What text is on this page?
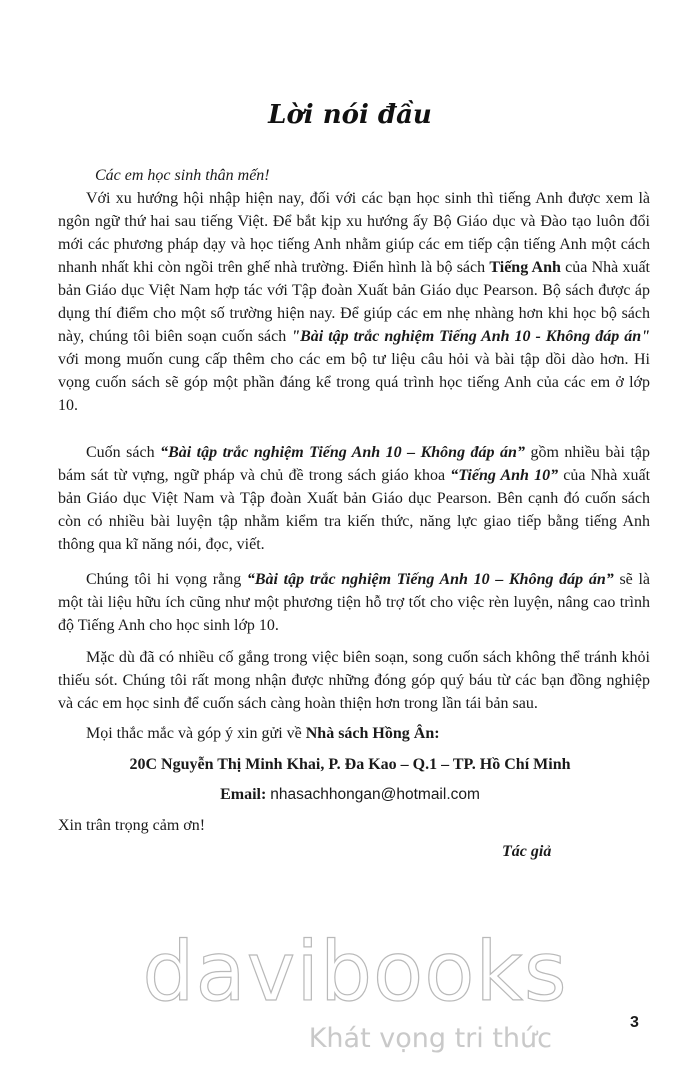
Lời nói đầu
Các em học sinh thân mến!

Với xu hướng hội nhập hiện nay, đối với các bạn học sinh thì tiếng Anh được xem là ngôn ngữ thứ hai sau tiếng Việt. Để bắt kịp xu hướng ấy Bộ Giáo dục và Đào tạo luôn đổi mới các phương pháp dạy và học tiếng Anh nhằm giúp các em tiếp cận tiếng Anh một cách nhanh nhất khi còn ngồi trên ghế nhà trường. Điển hình là bộ sách Tiếng Anh của Nhà xuất bản Giáo dục Việt Nam hợp tác với Tập đoàn Xuất bản Giáo dục Pearson. Bộ sách được áp dụng thí điểm cho một số trường hiện nay. Để giúp các em nhẹ nhàng hơn khi học bộ sách này, chúng tôi biên soạn cuốn sách "Bài tập trắc nghiệm Tiếng Anh 10 - Không đáp án" với mong muốn cung cấp thêm cho các em bộ tư liệu câu hỏi và bài tập dồi dào hơn. Hi vọng cuốn sách sẽ góp một phần đáng kể trong quá trình học tiếng Anh của các em ở lớp 10.

Cuốn sách “Bài tập trắc nghiệm Tiếng Anh 10 – Không đáp án” gồm nhiều bài tập bám sát từ vựng, ngữ pháp và chủ đề trong sách giáo khoa “Tiếng Anh 10” của Nhà xuất bản Giáo dục Việt Nam và Tập đoàn Xuất bản Giáo dục Pearson. Bên cạnh đó cuốn sách còn có nhiều bài luyện tập nhằm kiểm tra kiến thức, năng lực giao tiếp bằng tiếng Anh thông qua kĩ năng nói, đọc, viết.

Chúng tôi hi vọng rằng “Bài tập trắc nghiệm Tiếng Anh 10 – Không đáp án” sẽ là một tài liệu hữu ích cũng như một phương tiện hỗ trợ tốt cho việc rèn luyện, nâng cao trình độ Tiếng Anh cho học sinh lớp 10.

Mặc dù đã có nhiều cố gắng trong việc biên soạn, song cuốn sách không thể tránh khỏi thiếu sót. Chúng tôi rất mong nhận được những đóng góp quý báu từ các bạn đồng nghiệp và các em học sinh để cuốn sách càng hoàn thiện hơn trong lần tái bản sau.

Mọi thắc mắc và góp ý xin gửi về Nhà sách Hồng Ân:

20C Nguyễn Thị Minh Khai, P. Đa Kao – Q.1 – TP. Hồ Chí Minh
Email: nhasachhongan@hotmail.com
Xin trân trọng cảm ơn!
Tác giả
davibooks
Khát vọng tri thức
3
